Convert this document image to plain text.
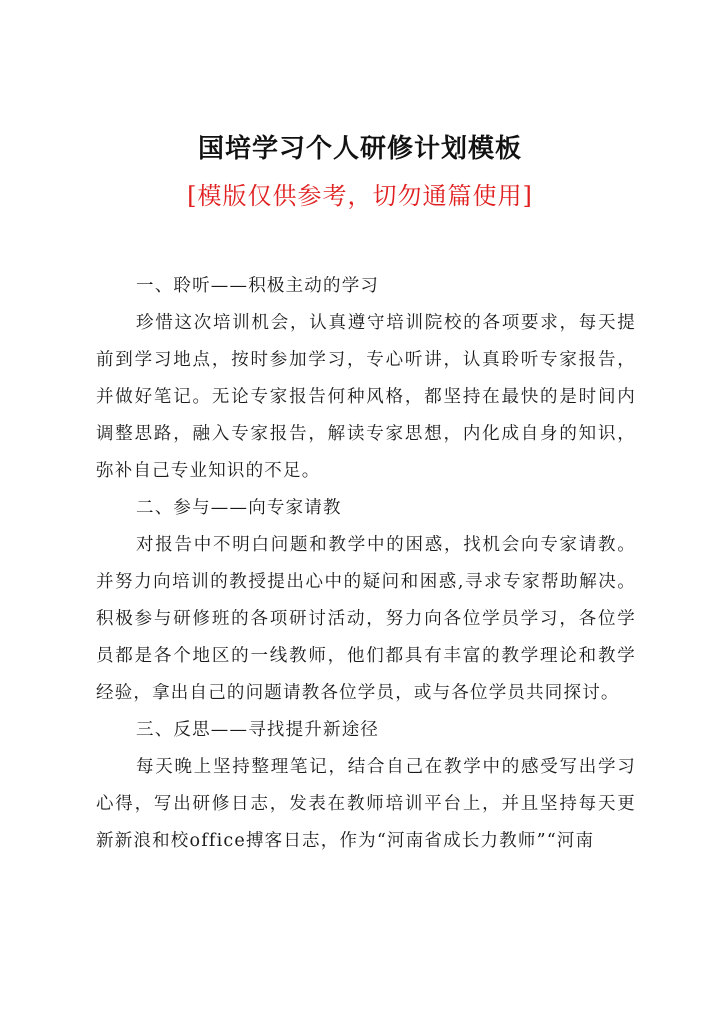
国培学习个人研修计划模板
[模版仅供参考，切勿通篇使用]

一、聆听——积极主动的学习

珍惜这次培训机会，认真遵守培训院校的各项要求，每天提前到学习地点，按时参加学习，专心听讲，认真聆听专家报告，并做好笔记。无论专家报告何种风格，都坚持在最快的是时间内调整思路，融入专家报告，解读专家思想，内化成自身的知识，弥补自己专业知识的不足。

二、参与——向专家请教

对报告中不明白问题和教学中的困惑，找机会向专家请教。并努力向培训的教授提出心中的疑问和困惑,寻求专家帮助解决。积极参与研修班的各项研讨活动，努力向各位学员学习，各位学员都是各个地区的一线教师，他们都具有丰富的教学理论和教学经验，拿出自己的问题请教各位学员，或与各位学员共同探讨。

三、反思——寻找提升新途径

每天晚上坚持整理笔记，结合自己在教学中的感受写出学习心得，写出研修日志，发表在教师培训平台上，并且坚持每天更新新浪和校office搏客日志，作为“河南省成长力教师”“河南
